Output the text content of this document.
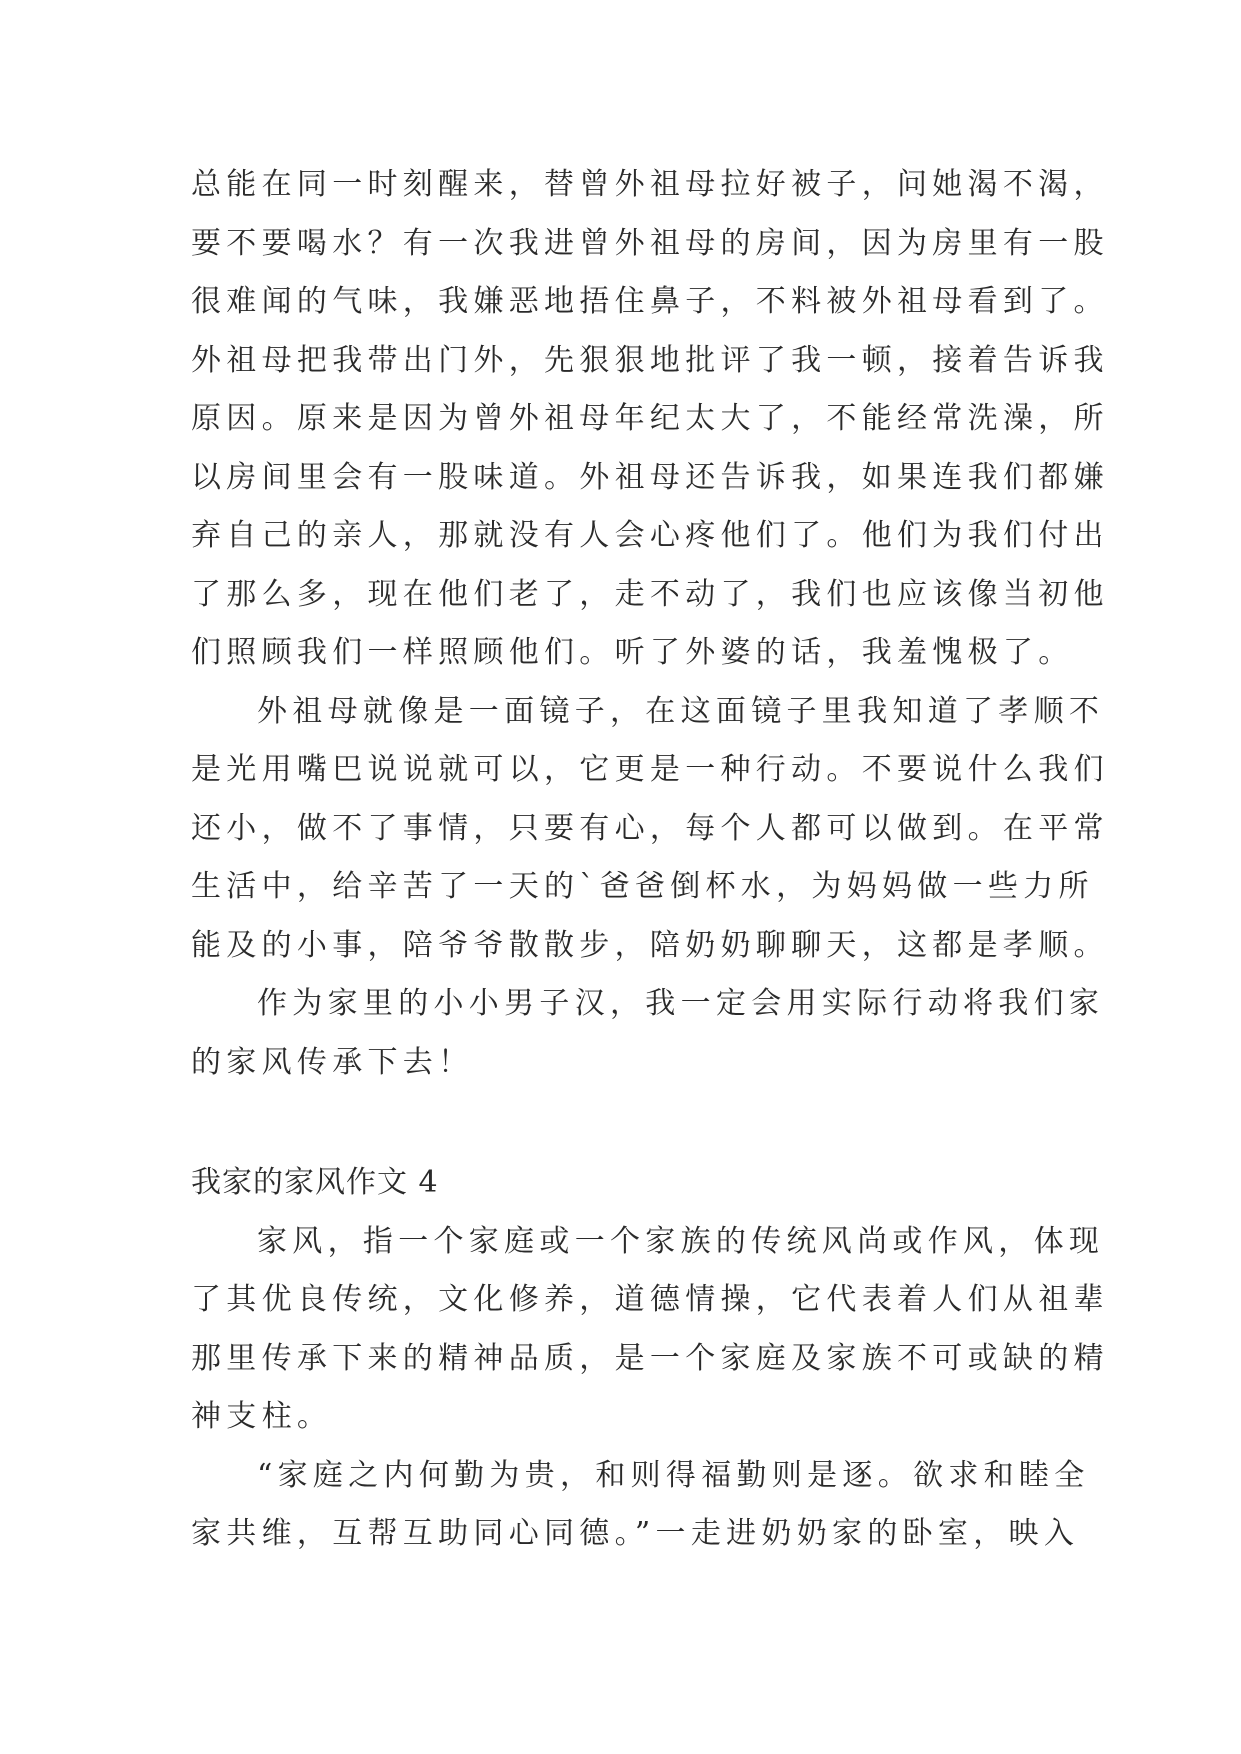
总能在同一时刻醒来，替曾外祖母拉好被子，问她渴不渴，
要不要喝水？有一次我进曾外祖母的房间，因为房里有一股
很难闻的气味，我嫌恶地捂住鼻子，不料被外祖母看到了。
外祖母把我带出门外，先狠狠地批评了我一顿，接着告诉我
原因。原来是因为曾外祖母年纪太大了，不能经常洗澡，所
以房间里会有一股味道。外祖母还告诉我，如果连我们都嫌
弃自己的亲人，那就没有人会心疼他们了。他们为我们付出
了那么多，现在他们老了，走不动了，我们也应该像当初他
们照顾我们一样照顾他们。听了外婆的话，我羞愧极了。
外祖母就像是一面镜子，在这面镜子里我知道了孝顺不
是光用嘴巴说说就可以，它更是一种行动。不要说什么我们
还小，做不了事情，只要有心，每个人都可以做到。在平常
生活中，给辛苦了一天的`爸爸倒杯水，为妈妈做一些力所
能及的小事，陪爷爷散散步，陪奶奶聊聊天，这都是孝顺。
作为家里的小小男子汉，我一定会用实际行动将我们家
的家风传承下去！
我家的家风作文 4
家风，指一个家庭或一个家族的传统风尚或作风，体现
了其优良传统，文化修养，道德情操，它代表着人们从祖辈
那里传承下来的精神品质，是一个家庭及家族不可或缺的精
神支柱。
“家庭之内何勤为贵，和则得福勤则是逐。欲求和睦全
家共维，互帮互助同心同德。”一走进奶奶家的卧室，映入
